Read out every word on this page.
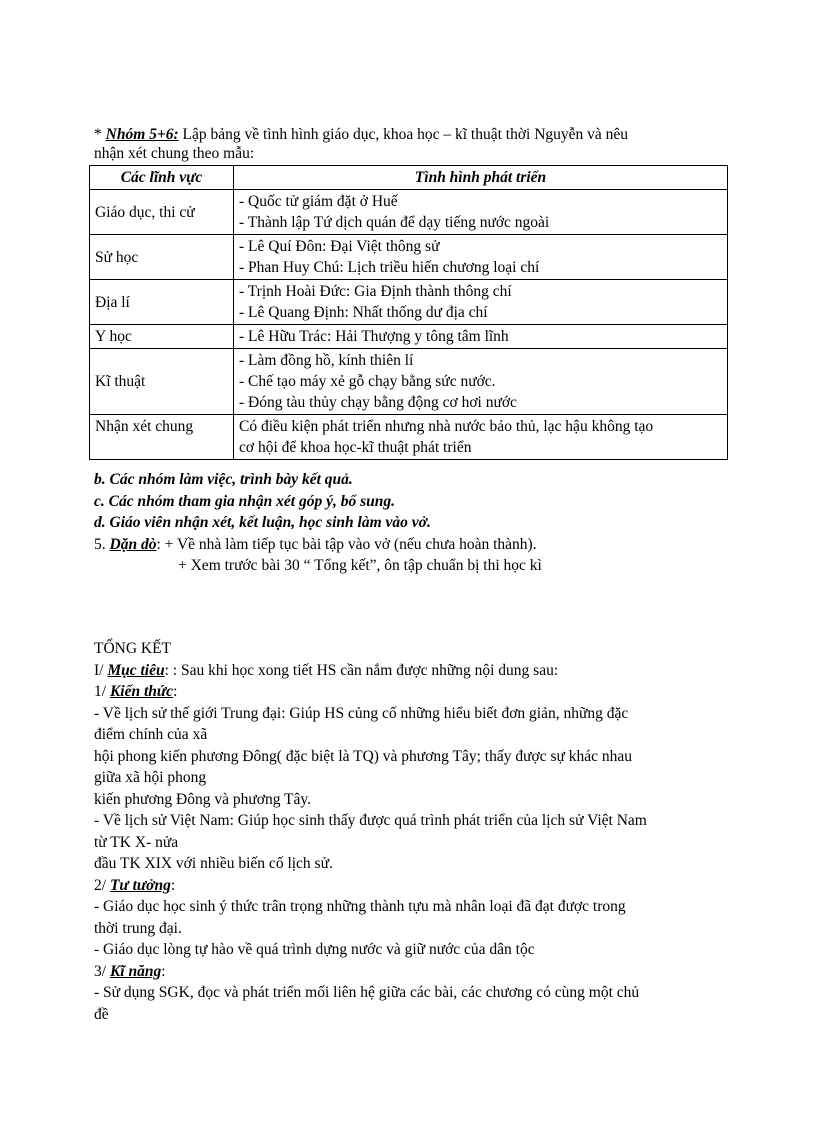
* Nhóm 5+6: Lập bảng về tình hình giáo dục, khoa học – kĩ thuật thời Nguyễn và nêu
nhận xét chung theo mẫu:
Các lĩnh vực	Tình hình phát triển
Giáo dục, thi cử	- Quốc tử giám đặt ở Huế
- Thành lập Tứ dịch quán để dạy tiếng nước ngoài

Sử học	- Lê Quí Đôn: Đại Việt thông sử
- Phan Huy Chú: Lịch triều hiến chương loại chí

Địa lí	- Trịnh Hoài Đức: Gia Định thành thông chí
- Lê Quang Định: Nhất thống dư địa chí

Y học	- Lê Hữu Trác: Hải Thượng y tông tâm lĩnh

Kĩ thuật	- Làm đồng hồ, kính thiên lí
- Chế tạo máy xẻ gỗ chạy bằng sức nước.
- Đóng tàu thủy chạy bằng động cơ hơi nước

Nhận xét chung	Có điều kiện phát triển nhưng nhà nước bảo thủ, lạc hậu không tạo
cơ hội để khoa học-kĩ thuật phát triển
b. Các nhóm làm việc, trình bày kết quả.
c. Các nhóm tham gia nhận xét góp ý, bổ sung.
d. Giáo viên nhận xét, kết luận, học sinh làm vào vở.
5. Dặn dò: + Về nhà làm tiếp tục bài tập vào vở (nếu chưa hoàn thành).
+ Xem trước bài 30 “ Tổng kết”, ôn tập chuẩn bị thi học kì

TỔNG KẾT

I/ Mục tiêu: : Sau khi học xong tiết HS cần nắm được những nội dung sau:

1/ Kiến thức:

- Về lịch sử thế giới Trung đại: Giúp HS củng cố những hiểu biết đơn giản, những đặc

điểm chính của xã

hội phong kiến phương Đông( đặc biệt là TQ) và phương Tây; thấy được sự khác nhau

giữa xã hội phong

kiến phương Đông và phương Tây.

- Về lịch sử Việt Nam: Giúp học sinh thấy được quá trình phát triển của lịch sử Việt Nam

từ TK X- nửa

đầu TK XIX với nhiều biến cố lịch sử.

2/ Tư tưởng:

- Giáo dục học sinh ý thức trân trọng những thành tựu mà nhân loại đã đạt được trong

thời trung đại.

- Giáo dục lòng tự hào về quá trình dựng nước và giữ nước của dân tộc

3/ Kĩ năng:

- Sử dụng SGK, đọc và phát triển mối liên hệ giữa các bài, các chương có cùng một chủ

đề
